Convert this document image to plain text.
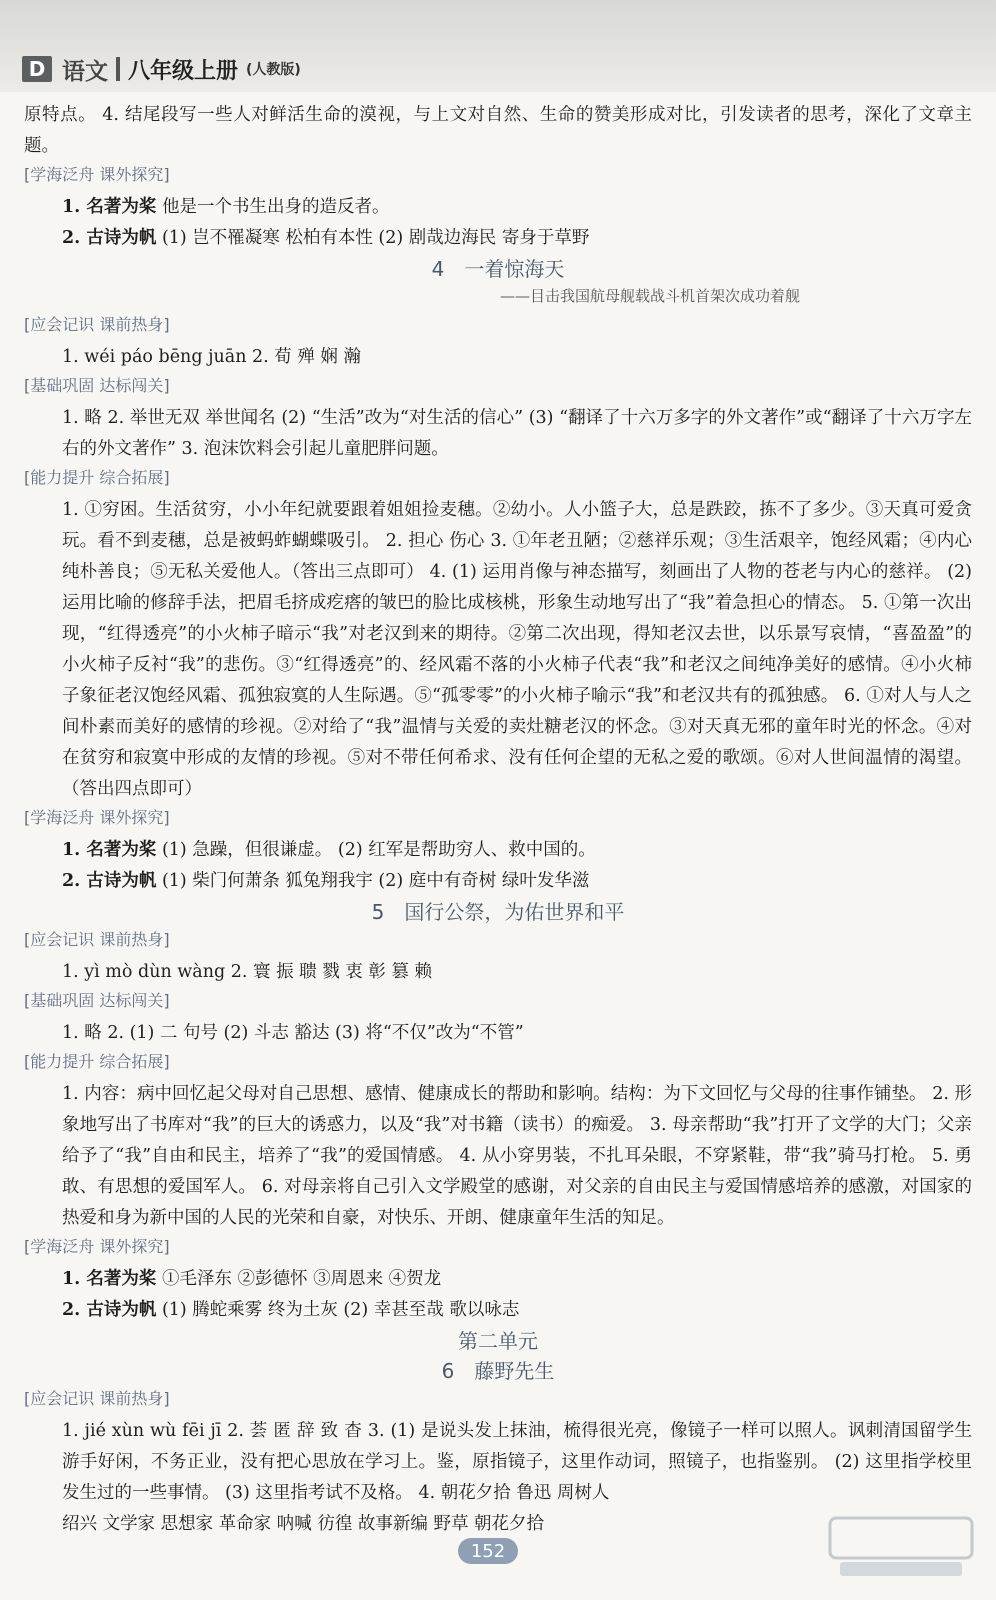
D 语文 八年级上册 (人教版)

原特点。 4. 结尾段写一些人对鲜活生命的漠视，与上文对自然、生命的赞美形成对比，引发读者的思考，深化了文章主题。

[学海泛舟 课外探究]

1. 名著为桨 他是一个书生出身的造反者。

2. 古诗为帆 (1) 岂不罹凝寒 松柏有本性 (2) 剧哉边海民 寄身于草野

4 一着惊海天

——目击我国航母舰载战斗机首架次成功着舰

[应会记识 课前热身]

1. wéi páo bēng juān 2. 荀 殚 娴 瀚

[基础巩固 达标闯关]

1. 略 2. 举世无双 举世闻名 (2) “生活”改为“对生活的信心” (3) “翻译了十六万多字的外文著作”或“翻译了十六万字左右的外文著作” 3. 泡沫饮料会引起儿童肥胖问题。

[能力提升 综合拓展]

1. ①穷困。生活贫穷，小小年纪就要跟着姐姐捡麦穗。②幼小。人小篮子大，总是跌跤，拣不了多少。③天真可爱贪玩。看不到麦穗，总是被蚂蚱蝴蝶吸引。 2. 担心 伤心 3. ①年老丑陋；②慈祥乐观；③生活艰辛，饱经风霜；④内心纯朴善良；⑤无私关爱他人。（答出三点即可） 4. (1) 运用肖像与神态描写，刻画出了人物的苍老与内心的慈祥。 (2) 运用比喻的修辞手法，把眉毛挤成疙瘩的皱巴的脸比成核桃，形象生动地写出了“我”着急担心的情态。 5. ①第一次出现，“红得透亮”的小火柿子暗示“我”对老汉到来的期待。②第二次出现，得知老汉去世，以乐景写哀情，“喜盈盈”的小火柿子反衬“我”的悲伤。③“红得透亮”的、经风霜不落的小火柿子代表“我”和老汉之间纯净美好的感情。④小火柿子象征老汉饱经风霜、孤独寂寞的人生际遇。⑤“孤零零”的小火柿子喻示“我”和老汉共有的孤独感。 6. ①对人与人之间朴素而美好的感情的珍视。②对给了“我”温情与关爱的卖灶糖老汉的怀念。③对天真无邪的童年时光的怀念。④对在贫穷和寂寞中形成的友情的珍视。⑤对不带任何希求、没有任何企望的无私之爱的歌颂。⑥对人世间温情的渴望。（答出四点即可）

[学海泛舟 课外探究]

1. 名著为桨 (1) 急躁，但很谦虚。 (2) 红军是帮助穷人、救中国的。

2. 古诗为帆 (1) 柴门何萧条 狐兔翔我宇 (2) 庭中有奇树 绿叶发华滋

5 国行公祭，为佑世界和平

[应会记识 课前热身]

1. yì mò dùn wàng 2. 寰 振 聩 戮 衷 彰 篡 赖

[基础巩固 达标闯关]

1. 略 2. (1) 二 句号 (2) 斗志 豁达 (3) 将“不仅”改为“不管”

[能力提升 综合拓展]

1. 内容：病中回忆起父母对自己思想、感情、健康成长的帮助和影响。结构：为下文回忆与父母的往事作铺垫。 2. 形象地写出了书库对“我”的巨大的诱惑力，以及“我”对书籍（读书）的痴爱。 3. 母亲帮助“我”打开了文学的大门；父亲给予了“我”自由和民主，培养了“我”的爱国情感。 4. 从小穿男装，不扎耳朵眼，不穿紧鞋，带“我”骑马打枪。 5. 勇敢、有思想的爱国军人。 6. 对母亲将自己引入文学殿堂的感谢，对父亲的自由民主与爱国情感培养的感激，对国家的热爱和身为新中国的人民的光荣和自豪，对快乐、开朗、健康童年生活的知足。

[学海泛舟 课外探究]

1. 名著为桨 ①毛泽东 ②彭德怀 ③周恩来 ④贺龙

2. 古诗为帆 (1) 腾蛇乘雾 终为土灰 (2) 幸甚至哉 歌以咏志

第二单元

6 藤野先生

[应会记识 课前热身]

1. jié xùn wù fēi jī 2. 荟 匿 辞 致 杳 3. (1) 是说头发上抹油，梳得很光亮，像镜子一样可以照人。讽刺清国留学生游手好闲，不务正业，没有把心思放在学习上。鉴，原指镜子，这里作动词，照镜子，也指鉴别。 (2) 这里指学校里发生过的一些事情。 (3) 这里指考试不及格。 4. 朝花夕拾 鲁迅 周树人

绍兴 文学家 思想家 革命家 呐喊 彷徨 故事新编 野草 朝花夕拾

152
